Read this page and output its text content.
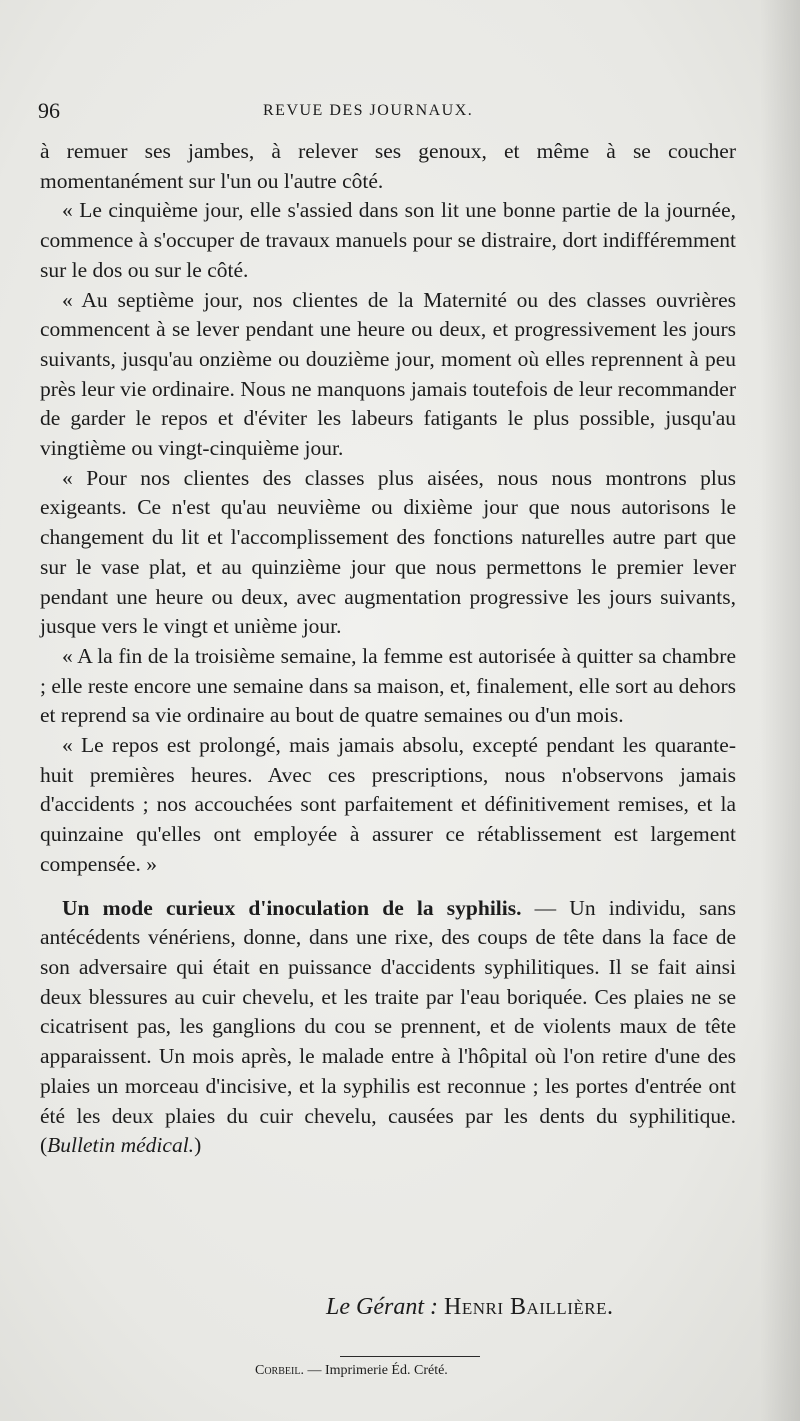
96	REVUE DES JOURNAUX.

à remuer ses jambes, à relever ses genoux, et même à se coucher momentanément sur l'un ou l'autre côté.

« Le cinquième jour, elle s'assied dans son lit une bonne partie de la journée, commence à s'occuper de travaux manuels pour se distraire, dort indifféremment sur le dos ou sur le côté.

« Au septième jour, nos clientes de la Maternité ou des classes ouvrières commencent à se lever pendant une heure ou deux, et progressivement les jours suivants, jusqu'au onzième ou douzième jour, moment où elles reprennent à peu près leur vie ordinaire. Nous ne manquons jamais toutefois de leur recommander de garder le repos et d'éviter les labeurs fatigants le plus possible, jusqu'au vingtième ou vingt-cinquième jour.

« Pour nos clientes des classes plus aisées, nous nous montrons plus exigeants. Ce n'est qu'au neuvième ou dixième jour que nous autorisons le changement du lit et l'accomplissement des fonctions naturelles autre part que sur le vase plat, et au quinzième jour que nous permettons le premier lever pendant une heure ou deux, avec augmentation progressive les jours suivants, jusque vers le vingt et unième jour.

« A la fin de la troisième semaine, la femme est autorisée à quitter sa chambre ; elle reste encore une semaine dans sa maison, et, finalement, elle sort au dehors et reprend sa vie ordinaire au bout de quatre semaines ou d'un mois.

« Le repos est prolongé, mais jamais absolu, excepté pendant les quarante-huit premières heures. Avec ces prescriptions, nous n'observons jamais d'accidents ; nos accouchées sont parfaitement et définitivement remises, et la quinzaine qu'elles ont employée à assurer ce rétablissement est largement compensée. »

Un mode curieux d'inoculation de la syphilis. — Un individu, sans antécédents vénériens, donne, dans une rixe, des coups de tête dans la face de son adversaire qui était en puissance d'accidents syphilitiques. Il se fait ainsi deux blessures au cuir chevelu, et les traite par l'eau boriquée. Ces plaies ne se cicatrisent pas, les ganglions du cou se prennent, et de violents maux de tête apparaissent. Un mois après, le malade entre à l'hôpital où l'on retire d'une des plaies un morceau d'incisive, et la syphilis est reconnue ; les portes d'entrée ont été les deux plaies du cuir chevelu, causées par les dents du syphilitique. (Bulletin médical.)

Le Gérant : Henri Baillière.
Corbeil. — Imprimerie Éd. Crété.
